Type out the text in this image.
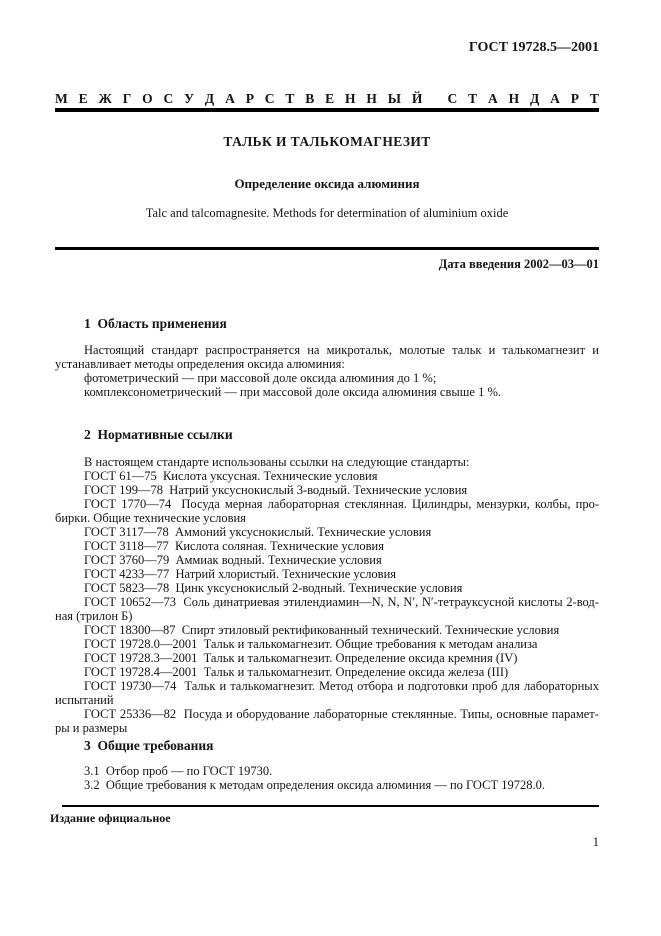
ГОСТ 19728.5—2001
М Е Ж Г О С У Д А Р С Т В Е Н Н Ы Й
С Т А Н Д А Р Т
ТАЛЬК И ТАЛЬКОМАГНЕЗИТ
Определение оксида алюминия
Talc and talcomagnesite. Methods for determination of aluminium oxide
Дата введения 2002—03—01
1  Область применения
Настоящий стандарт распространяется на микротальк, молотые тальк и талькомагнезит и
устанавливает методы определения оксида алюминия:
фотометрический — при массовой доле оксида алюминия до 1 %;
комплексонометрический — при массовой доле оксида алюминия свыше 1 %.
2  Нормативные ссылки
В настоящем стандарте использованы ссылки на следующие стандарты:
ГОСТ 61—75  Кислота уксусная. Технические условия
ГОСТ 199—78  Натрий уксуснокислый 3-водный. Технические условия
ГОСТ 1770—74 Посуда мерная лабораторная стеклянная. Цилиндры, мензурки, колбы, про-
бирки. Общие технические условия
ГОСТ 3117—78  Аммоний уксуснокислый. Технические условия
ГОСТ 3118—77  Кислота соляная. Технические условия
ГОСТ 3760—79  Аммиак водный. Технические условия
ГОСТ 4233—77  Натрий хлористый. Технические условия
ГОСТ 5823—78  Цинк уксуснокислый 2-водный. Технические условия
ГОСТ 10652—73 Соль динатриевая этилендиамин—N, N, N′, N′-тетрауксусной кислоты 2-вод-
ная (трилон Б)
ГОСТ 18300—87  Спирт этиловый ректификованный технический. Технические условия
ГОСТ 19728.0—2001  Тальк и талькомагнезит. Общие требования к методам анализа
ГОСТ 19728.3—2001  Тальк и талькомагнезит. Определение оксида кремния (IV)
ГОСТ 19728.4—2001  Тальк и талькомагнезит. Определение оксида железа (III)
ГОСТ 19730—74 Тальк и талькомагнезит. Метод отбора и подготовки проб для лабораторных
испытаний
ГОСТ 25336—82 Посуда и оборудование лабораторные стеклянные. Типы, основные парамет-
ры и размеры
3  Общие требования
3.1  Отбор проб — по ГОСТ 19730.
3.2  Общие требования к методам определения оксида алюминия — по ГОСТ 19728.0.
Издание официальное
1
